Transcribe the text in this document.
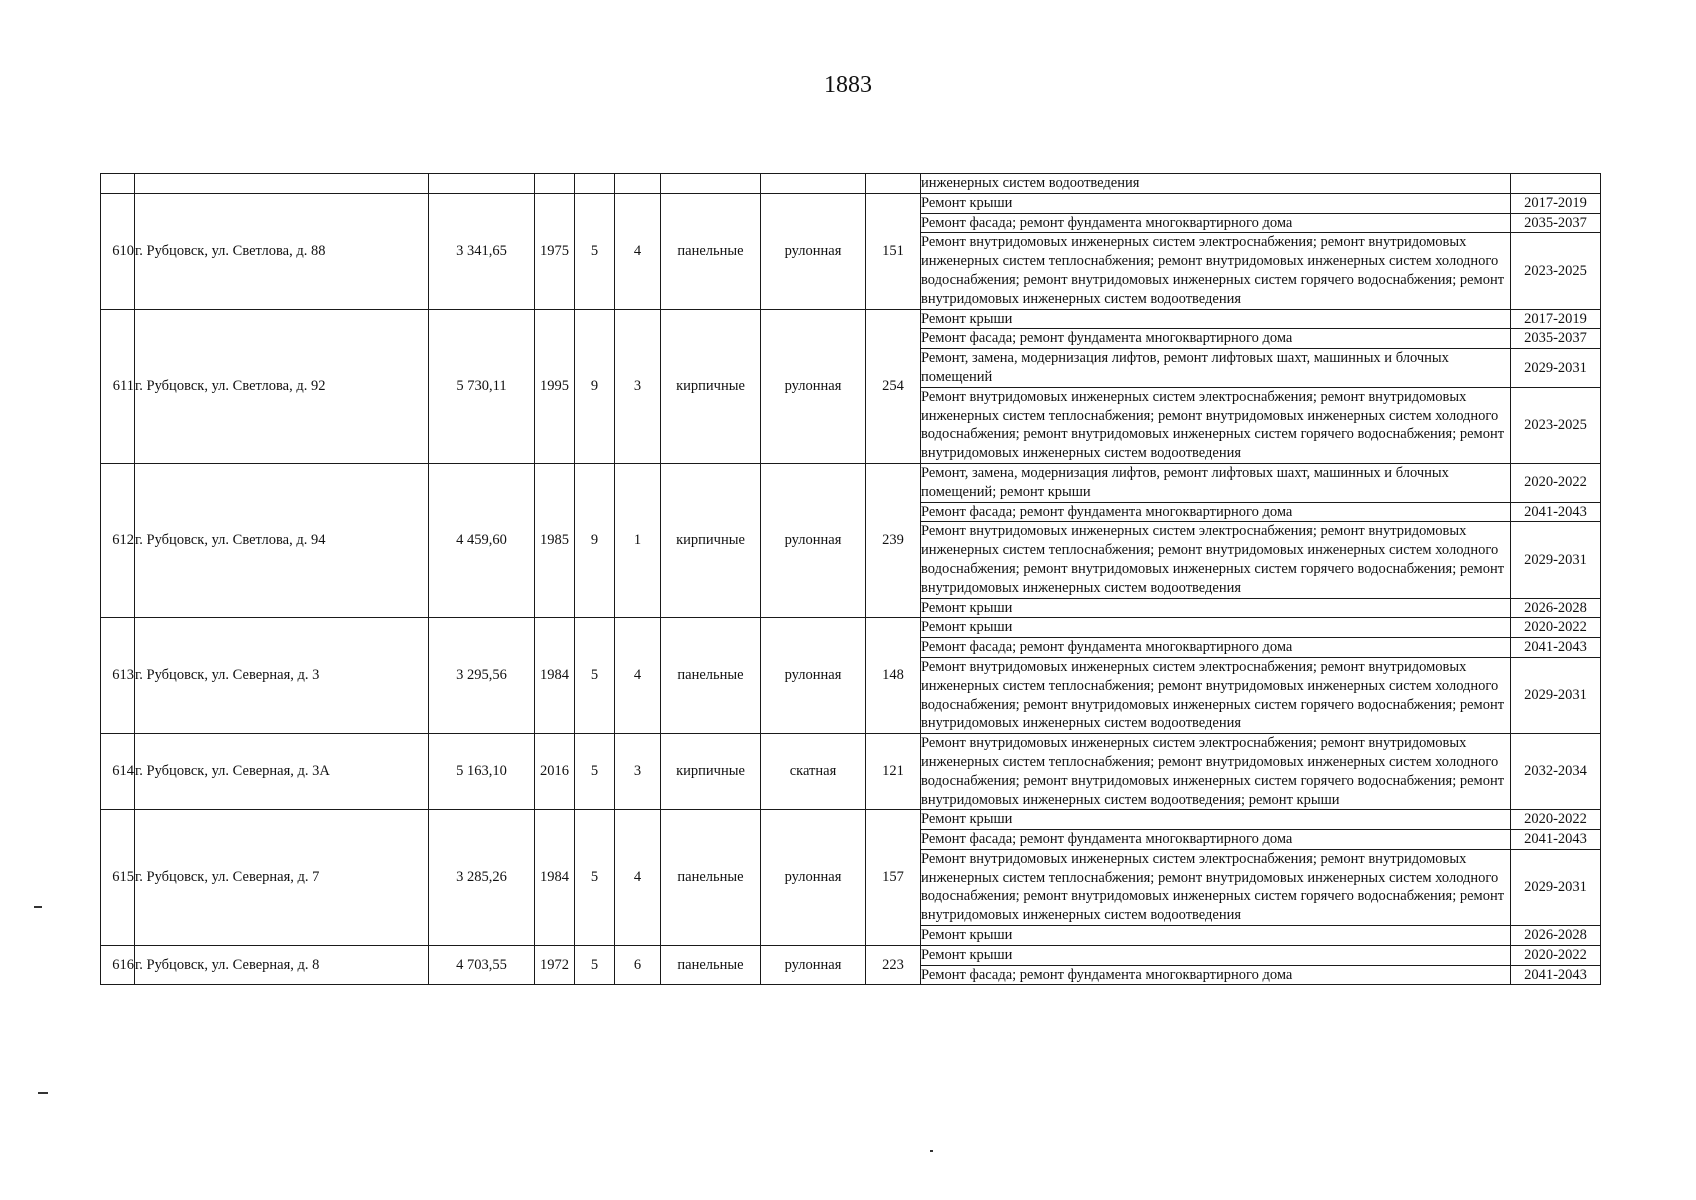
1883
									инженерных систем водоотведения	
610	г. Рубцовск, ул. Светлова, д. 88	3 341,65	1975	5	4	панельные	рулонная	151	Ремонт крыши	2017-2019
									Ремонт фасада; ремонт фундамента многоквартирного дома	2035-2037
									Ремонт внутридомовых инженерных систем электроснабжения; ремонт внутридомовых инженерных систем теплоснабжения; ремонт внутридомовых инженерных систем холодного водоснабжения; ремонт внутридомовых инженерных систем горячего водоснабжения; ремонт внутридомовых инженерных систем водоотведения	2023-2025
611	г. Рубцовск, ул. Светлова, д. 92	5 730,11	1995	9	3	кирпичные	рулонная	254	Ремонт крыши	2017-2019
									Ремонт фасада; ремонт фундамента многоквартирного дома	2035-2037
									Ремонт, замена, модернизация лифтов, ремонт лифтовых шахт, машинных и блочных помещений	2029-2031
									Ремонт внутридомовых инженерных систем электроснабжения; ремонт внутридомовых инженерных систем теплоснабжения; ремонт внутридомовых инженерных систем холодного водоснабжения; ремонт внутридомовых инженерных систем горячего водоснабжения; ремонт внутридомовых инженерных систем водоотведения	2023-2025
612	г. Рубцовск, ул. Светлова, д. 94	4 459,60	1985	9	1	кирпичные	рулонная	239	Ремонт, замена, модернизация лифтов, ремонт лифтовых шахт, машинных и блочных помещений; ремонт крыши	2020-2022
									Ремонт фасада; ремонт фундамента многоквартирного дома	2041-2043
									Ремонт внутридомовых инженерных систем электроснабжения; ремонт внутридомовых инженерных систем теплоснабжения; ремонт внутридомовых инженерных систем холодного водоснабжения; ремонт внутридомовых инженерных систем горячего водоснабжения; ремонт внутридомовых инженерных систем водоотведения	2029-2031
									Ремонт крыши	2026-2028
613	г. Рубцовск, ул. Северная, д. 3	3 295,56	1984	5	4	панельные	рулонная	148	Ремонт крыши	2020-2022
									Ремонт фасада; ремонт фундамента многоквартирного дома	2041-2043
									Ремонт внутридомовых инженерных систем электроснабжения; ремонт внутридомовых инженерных систем теплоснабжения; ремонт внутридомовых инженерных систем холодного водоснабжения; ремонт внутридомовых инженерных систем горячего водоснабжения; ремонт внутридомовых инженерных систем водоотведения	2029-2031
614	г. Рубцовск, ул. Северная, д. 3А	5 163,10	2016	5	3	кирпичные	скатная	121	Ремонт внутридомовых инженерных систем электроснабжения; ремонт внутридомовых инженерных систем теплоснабжения; ремонт внутридомовых инженерных систем холодного водоснабжения; ремонт внутридомовых инженерных систем горячего водоснабжения; ремонт внутридомовых инженерных систем водоотведения; ремонт крыши	2032-2034
615	г. Рубцовск, ул. Северная, д. 7	3 285,26	1984	5	4	панельные	рулонная	157	Ремонт крыши	2020-2022
									Ремонт фасада; ремонт фундамента многоквартирного дома	2041-2043
									Ремонт внутридомовых инженерных систем электроснабжения; ремонт внутридомовых инженерных систем теплоснабжения; ремонт внутридомовых инженерных систем холодного водоснабжения; ремонт внутридомовых инженерных систем горячего водоснабжения; ремонт внутридомовых инженерных систем водоотведения	2029-2031
									Ремонт крыши	2026-2028
616	г. Рубцовск, ул. Северная, д. 8	4 703,55	1972	5	6	панельные	рулонная	223	Ремонт крыши	2020-2022
									Ремонт фасада; ремонт фундамента многоквартирного дома	2041-2043
